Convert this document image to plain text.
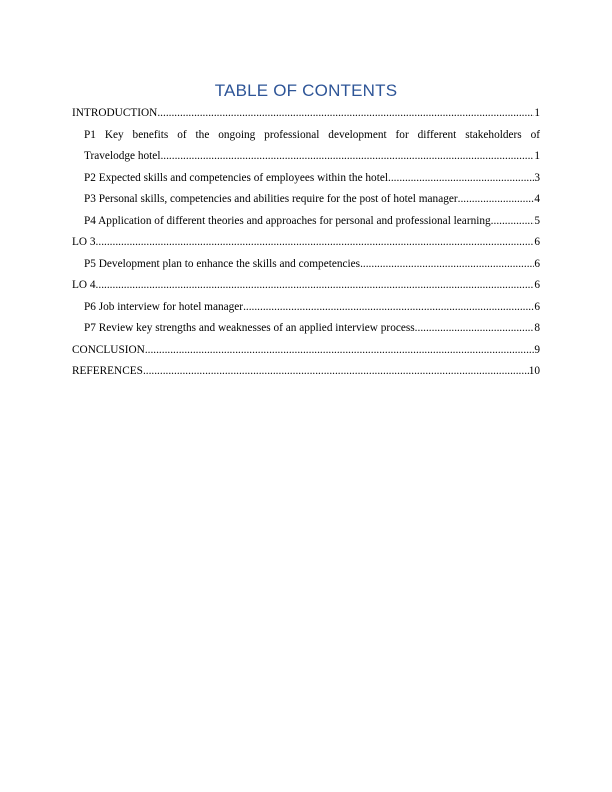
TABLE OF CONTENTS
INTRODUCTION .....	1
P1 Key benefits of the ongoing professional development for different stakeholders of
Travelodge hotel .....	1
P2 Expected skills and competencies of employees within the hotel .....	3
P3 Personal skills, competencies and abilities require for the post of hotel manager .....	4
P4 Application of different theories and approaches for personal and professional learning .....	5
LO 3 .....	6
P5 Development plan to enhance the skills and competencies .....	6
LO 4 .....	6
P6 Job interview for hotel manager .....	6
P7 Review key strengths and weaknesses of an applied interview process .....	8
CONCLUSION .....	9
REFERENCES .....	10
